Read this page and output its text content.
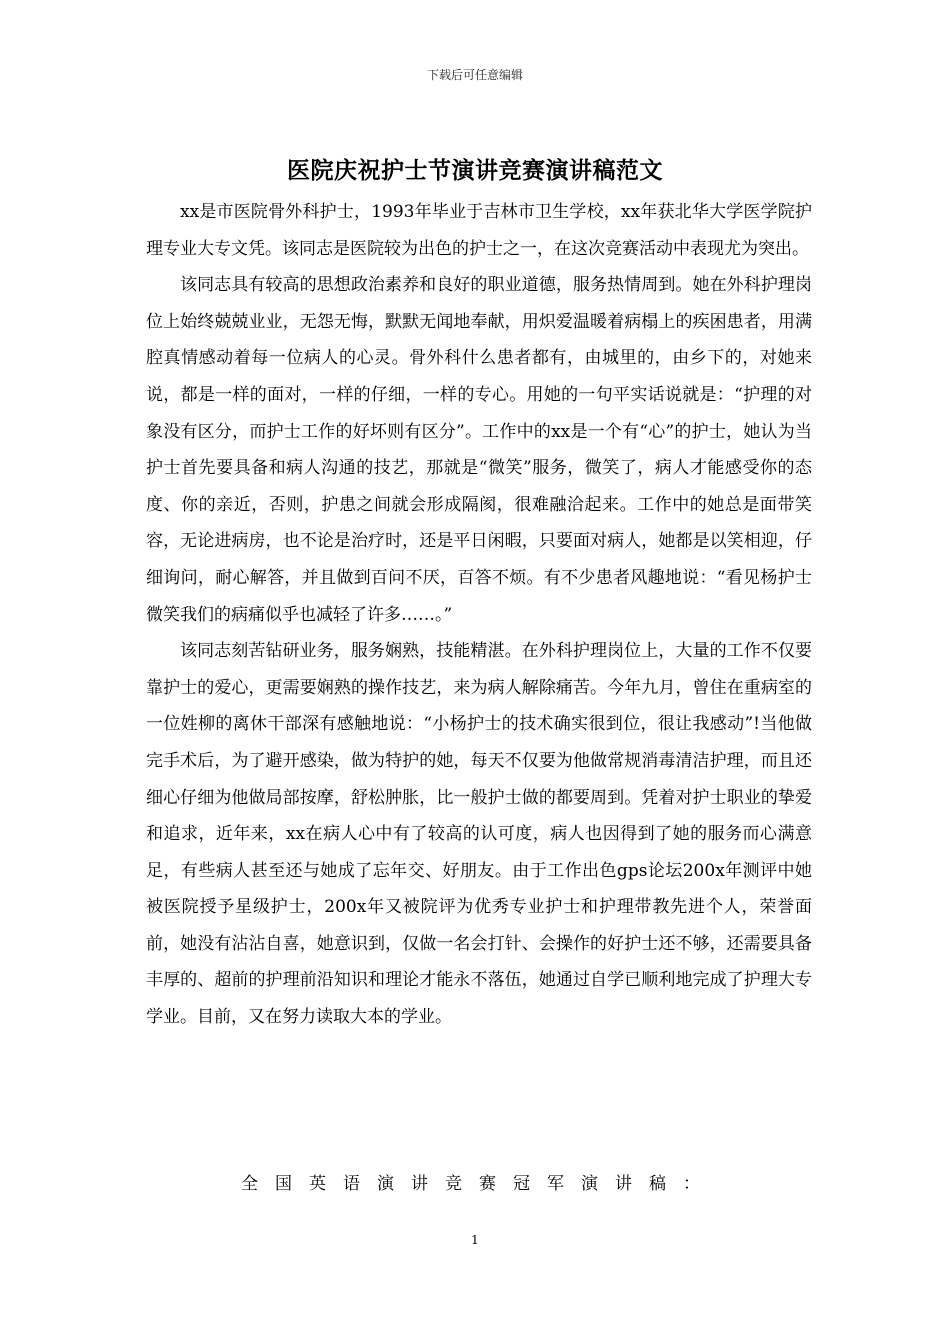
下载后可任意编辑
医院庆祝护士节演讲竞赛演讲稿范文

xx是市医院骨外科护士，1993年毕业于吉林市卫生学校，xx年获北华大学医学院护理专业大专文凭。该同志是医院较为出色的护士之一，在这次竞赛活动中表现尤为突出。

该同志具有较高的思想政治素养和良好的职业道德，服务热情周到。她在外科护理岗位上始终兢兢业业，无怨无悔，默默无闻地奉献，用炽爱温暖着病榻上的疾困患者，用满腔真情感动着每一位病人的心灵。骨外科什么患者都有，由城里的，由乡下的，对她来说，都是一样的面对，一样的仔细，一样的专心。用她的一句平实话说就是：“护理的对象没有区分，而护士工作的好坏则有区分”。工作中的xx是一个有“心”的护士，她认为当护士首先要具备和病人沟通的技艺，那就是“微笑”服务，微笑了，病人才能感受你的态度、你的亲近，否则，护患之间就会形成隔阂，很难融洽起来。工作中的她总是面带笑容，无论进病房，也不论是治疗时，还是平日闲暇，只要面对病人，她都是以笑相迎，仔细询问，耐心解答，并且做到百问不厌，百答不烦。有不少患者风趣地说：“看见杨护士微笑我们的病痛似乎也减轻了许多……。”

该同志刻苦钻研业务，服务娴熟，技能精湛。在外科护理岗位上，大量的工作不仅要靠护士的爱心，更需要娴熟的操作技艺，来为病人解除痛苦。今年九月，曾住在重病室的一位姓柳的离休干部深有感触地说：“小杨护士的技术确实很到位，很让我感动”!当他做完手术后，为了避开感染，做为特护的她，每天不仅要为他做常规消毒清洁护理，而且还细心仔细为他做局部按摩，舒松肿胀，比一般护士做的都要周到。凭着对护士职业的挚爱和追求，近年来，xx在病人心中有了较高的认可度，病人也因得到了她的服务而心满意足，有些病人甚至还与她成了忘年交、好朋友。由于工作出色gps论坛200x年测评中她被医院授予星级护士，200x年又被院评为优秀专业护士和护理带教先进个人，荣誉面前，她没有沾沾自喜，她意识到，仅做一名会打针、会操作的好护士还不够，还需要具备丰厚的、超前的护理前沿知识和理论才能永不落伍，她通过自学已顺利地完成了护理大专学业。目前，又在努力读取大本的学业。

全国英语演讲竞赛冠军演讲稿：
1
